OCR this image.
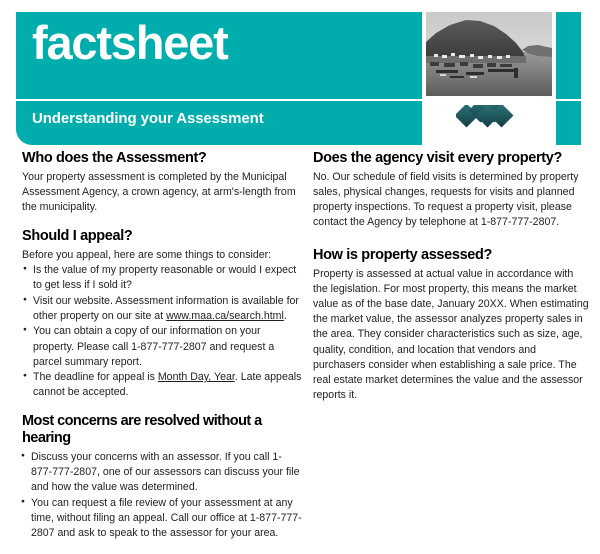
factsheet
Understanding your Assessment
Who does the Assessment?

Your property assessment is completed by the Municipal Assessment Agency, a crown agency, at arm's-length from the municipality.

Should I appeal?

Before you appeal, here are some things to consider:

● Is the value of my property reasonable or would I expect to get less if I sold it?
● Visit our website. Assessment information is available for other property on our site at www.maa.ca/search.html.
● You can obtain a copy of our information on your property. Please call 1-877-777-2807 and request a parcel summary report.
● The deadline for appeal is Month Day, Year. Late appeals cannot be accepted.
Most concerns are resolved without a hearing
● Discuss your concerns with an assessor. If you call 1-877-777-2807, one of our assessors can discuss your file and how the value was determined.
● You can request a file review of your assessment at any time, without filing an appeal. Call our office at 1-877-777-2807 and ask to speak to the assessor for your area.
Does the agency visit every property?

No. Our schedule of field visits is determined by property sales, physical changes, requests for visits and planned property inspections. To request a property visit, please contact the Agency by telephone at 1-877-777-2807.

How is property assessed?

Property is assessed at actual value in accordance with the legislation. For most property, this means the market value as of the base date, January 20XX. When estimating the market value, the assessor analyzes property sales in the area. They consider characteristics such as size, age, quality, condition, and location that vendors and purchasers consider when establishing a sale price. The real estate market determines the value and the assessor reports it.
